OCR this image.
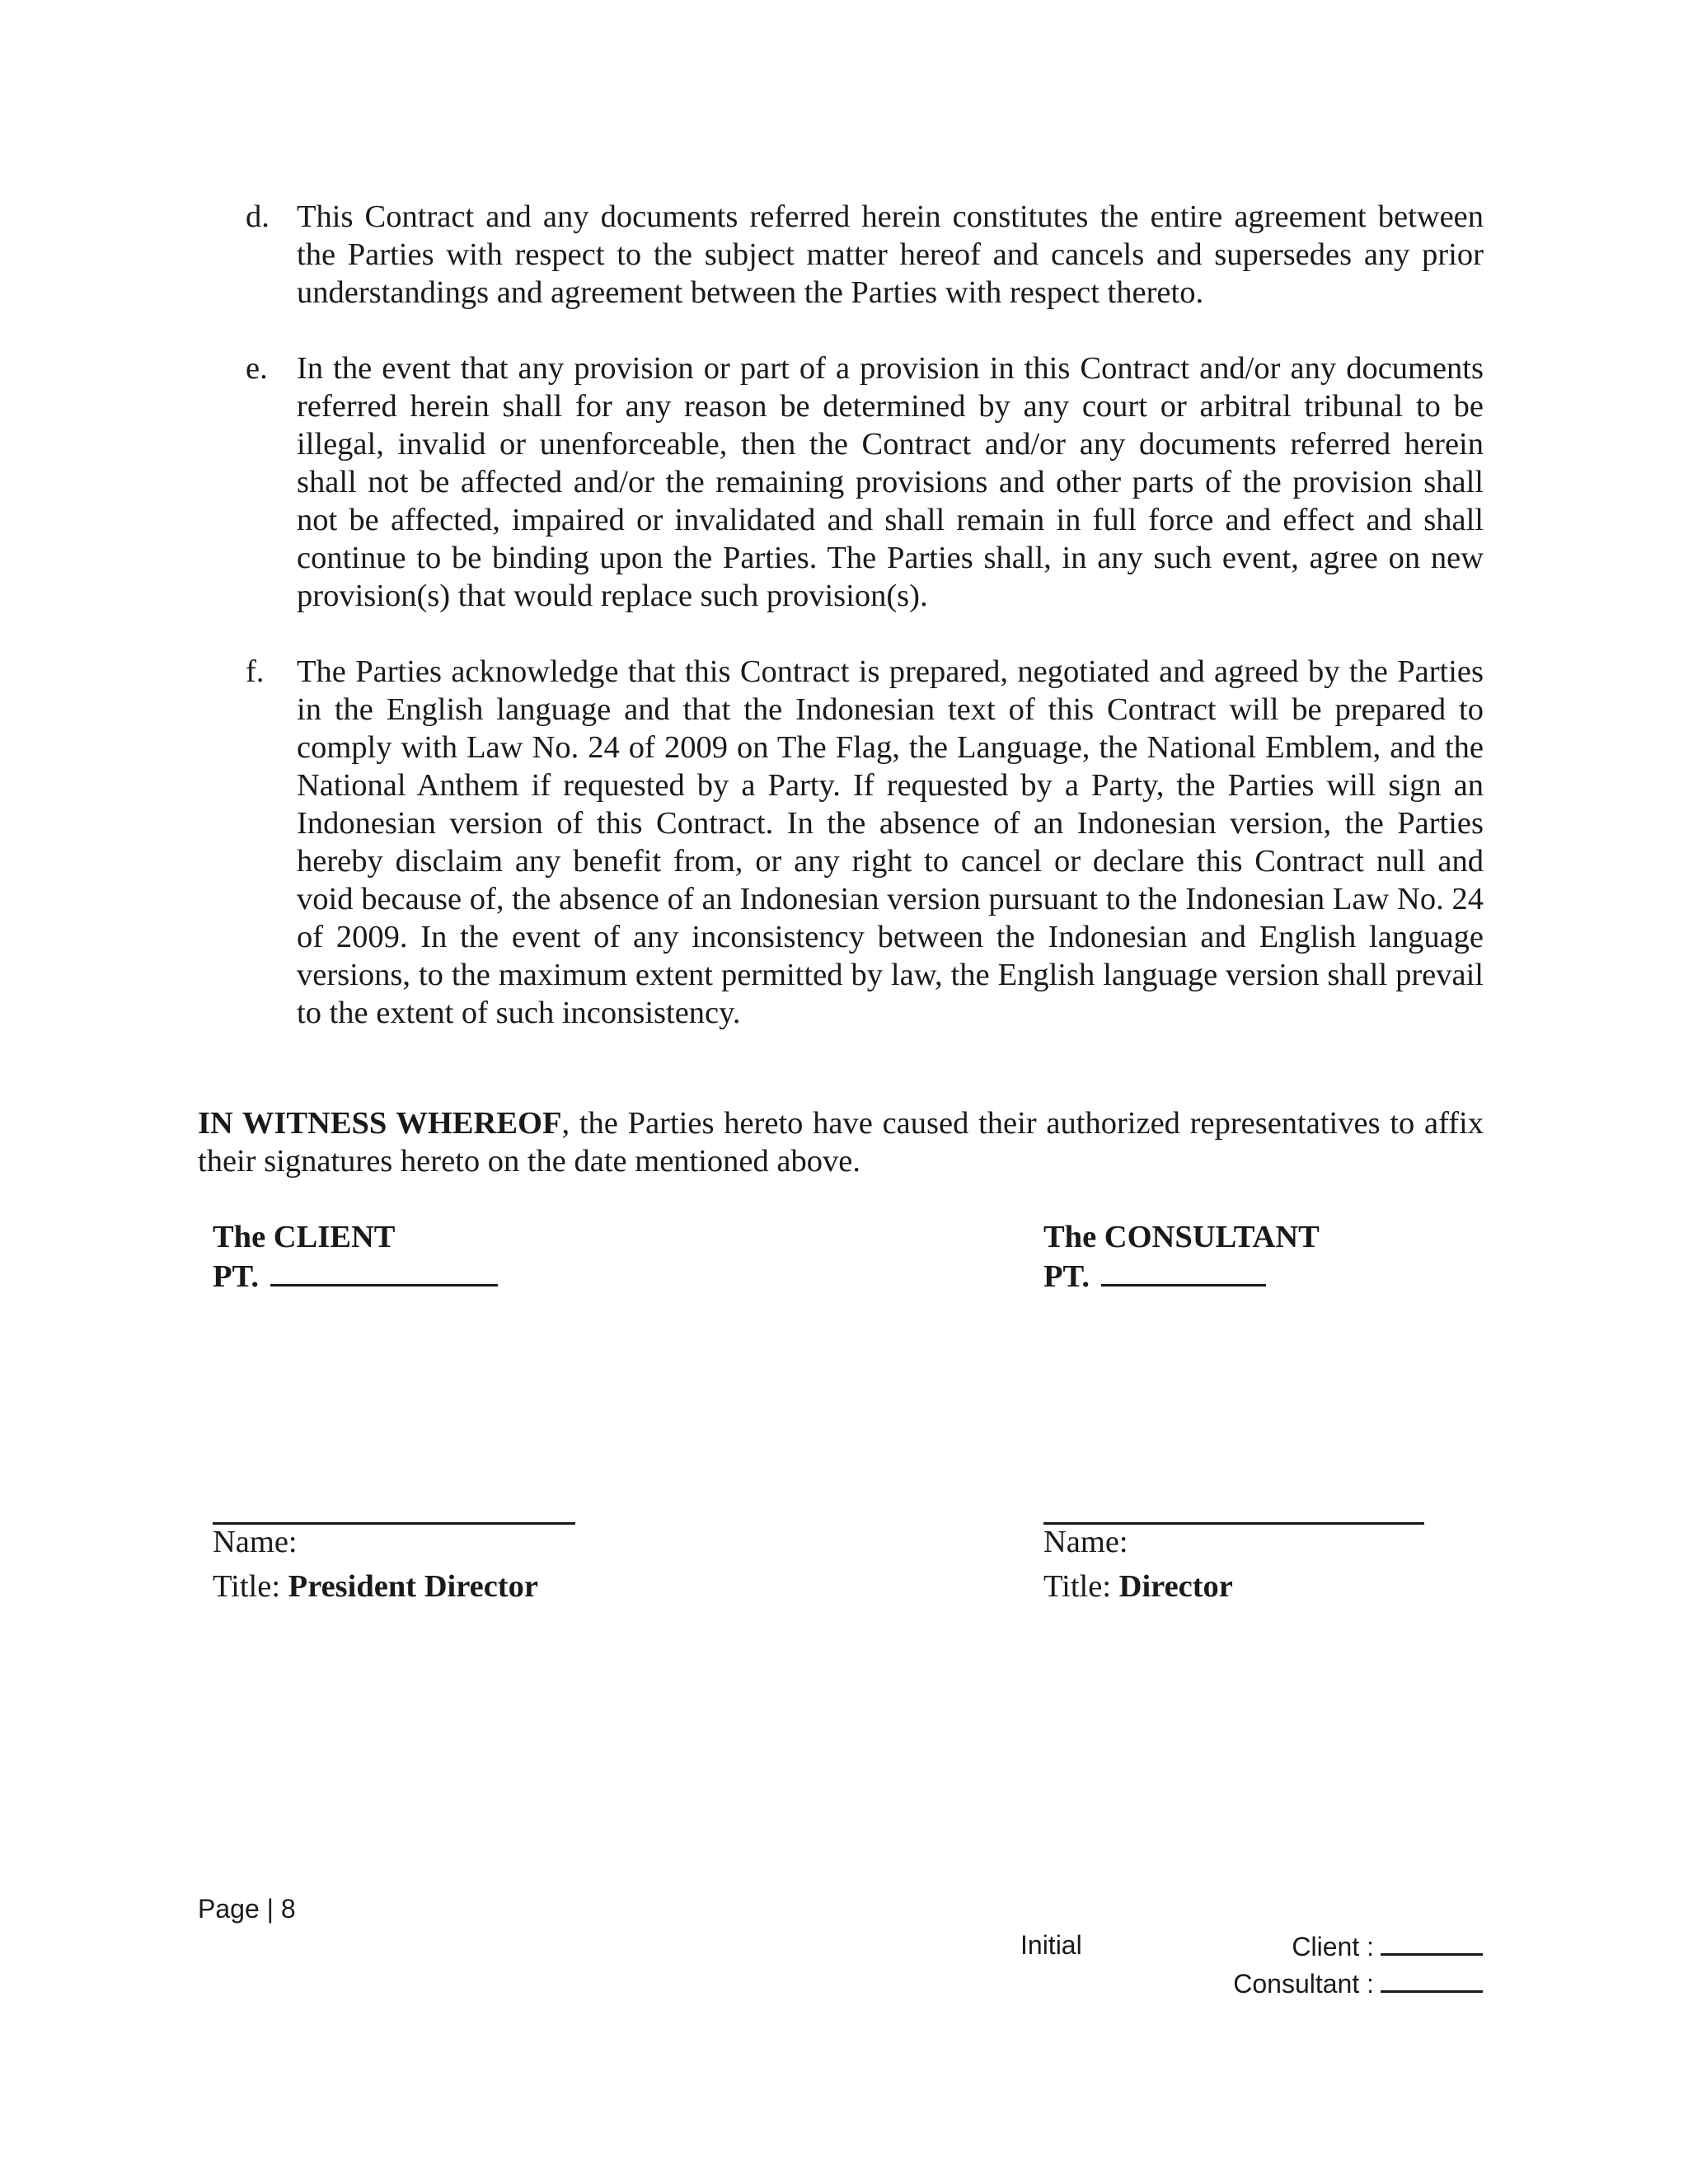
d. This Contract and any documents referred herein constitutes the entire agreement between the Parties with respect to the subject matter hereof and cancels and supersedes any prior understandings and agreement between the Parties with respect thereto.
e. In the event that any provision or part of a provision in this Contract and/or any documents referred herein shall for any reason be determined by any court or arbitral tribunal to be illegal, invalid or unenforceable, then the Contract and/or any documents referred herein shall not be affected and/or the remaining provisions and other parts of the provision shall not be affected, impaired or invalidated and shall remain in full force and effect and shall continue to be binding upon the Parties. The Parties shall, in any such event, agree on new provision(s) that would replace such provision(s).
f.	The Parties acknowledge that this Contract is prepared, negotiated and agreed by the Parties in the English language and that the Indonesian text of this Contract will be prepared to comply with Law No. 24 of 2009 on The Flag, the Language, the National Emblem, and the National Anthem if requested by a Party. If requested by a Party, the Parties will sign an Indonesian version of this Contract. In the absence of an Indonesian version, the Parties hereby disclaim any benefit from, or any right to cancel or declare this Contract null and void because of, the absence of an Indonesian version pursuant to the Indonesian Law No. 24 of 2009. In the event of any inconsistency between the Indonesian and English language versions, to the maximum extent permitted by law, the English language version shall prevail to the extent of such inconsistency.
IN WITNESS WHEREOF, the Parties hereto have caused their authorized representatives to affix their signatures hereto on the date mentioned above.
The CLIENT
PT.
The CONSULTANT
PT.
Name:
Title: President Director
Name:
Title: Director
Page | 8
Initial	Client :
Consultant :
